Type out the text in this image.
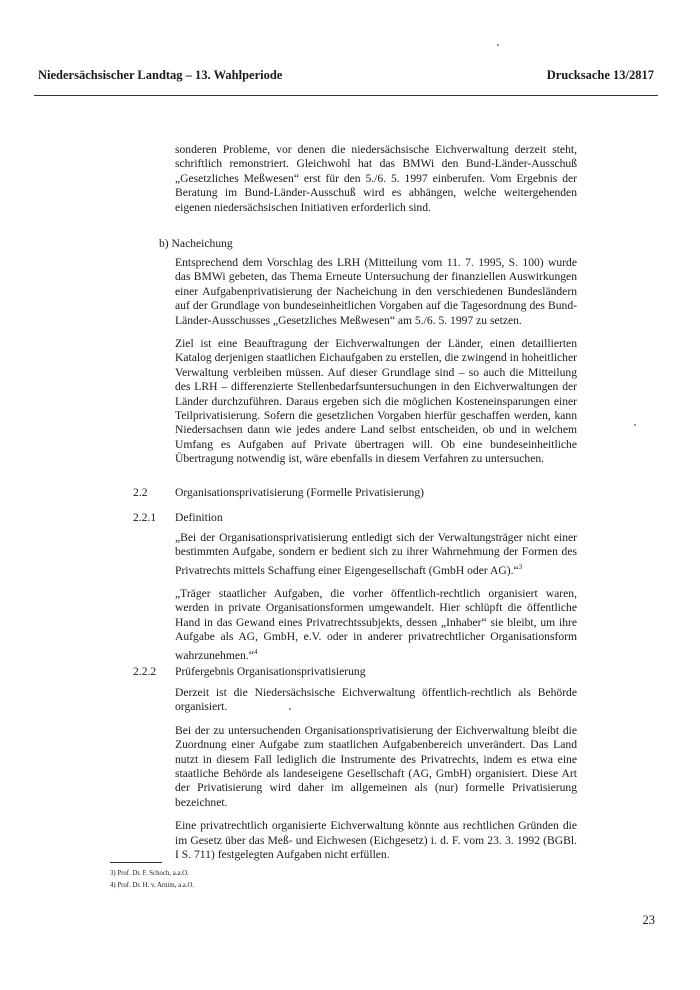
Niedersächsischer Landtag – 13. Wahlperiode	Drucksache 13/2817

sonderen Probleme, vor denen die niedersächsische Eichverwaltung derzeit steht, schriftlich remonstriert. Gleichwohl hat das BMWi den Bund-Länder-Ausschuß „Gesetzliches Meßwesen“ erst für den 5./6. 5. 1997 einberufen. Vom Ergebnis der Beratung im Bund-Länder-Ausschuß wird es abhängen, welche weitergehenden eigenen niedersächsischen Initiativen erforderlich sind.

b) Nacheichung

Entsprechend dem Vorschlag des LRH (Mitteilung vom 11. 7. 1995, S. 100) wurde das BMWi gebeten, das Thema Erneute Untersuchung der finanziellen Auswirkungen einer Aufgabenprivatisierung der Nacheichung in den verschiedenen Bundesländern auf der Grundlage von bundeseinheitlichen Vorgaben auf die Tagesordnung des Bund-Länder-Ausschusses „Gesetzliches Meßwesen“ am 5./6. 5. 1997 zu setzen.

Ziel ist eine Beauftragung der Eichverwaltungen der Länder, einen detaillierten Katalog derjenigen staatlichen Eichaufgaben zu erstellen, die zwingend in hoheitlicher Verwaltung verbleiben müssen. Auf dieser Grundlage sind – so auch die Mitteilung des LRH – differenzierte Stellenbedarfsuntersuchungen in den Eichverwaltungen der Länder durchzuführen. Daraus ergeben sich die möglichen Kosteneinsparungen einer Teilprivatisierung. Sofern die gesetzlichen Vorgaben hierfür geschaffen werden, kann Niedersachsen dann wie jedes andere Land selbst entscheiden, ob und in welchem Umfang es Aufgaben auf Private übertragen will. Ob eine bundeseinheitliche Übertragung notwendig ist, wäre ebenfalls in diesem Verfahren zu untersuchen.

2.2 Organisationsprivatisierung (Formelle Privatisierung)
2.2.1 Definition

„Bei der Organisationsprivatisierung entledigt sich der Verwaltungsträger nicht einer bestimmten Aufgabe, sondern er bedient sich zu ihrer Wahrnehmung der Formen des Privatrechts mittels Schaffung einer Eigengesellschaft (GmbH oder AG).“$^3$

„Träger staatlicher Aufgaben, die vorher öffentlich-rechtlich organisiert waren, werden in private Organisationsformen umgewandelt. Hier schlüpft die öffentliche Hand in das Gewand eines Privatrechtssubjekts, dessen „Inhaber“ sie bleibt, um ihre Aufgabe als AG, GmbH, e.V. oder in anderer privatrechtlicher Organisationsform wahrzunehmen.“$^4$

2.2.2 Prüfergebnis Organisationsprivatisierung

Derzeit ist die Niedersächsische Eichverwaltung öffentlich-rechtlich als Behörde organisiert.

Bei der zu untersuchenden Organisationsprivatisierung der Eichverwaltung bleibt die Zuordnung einer Aufgabe zum staatlichen Aufgabenbereich unverändert. Das Land nutzt in diesem Fall lediglich die Instrumente des Privatrechts, indem es etwa eine staatliche Behörde als landeseigene Gesellschaft (AG, GmbH) organisiert. Diese Art der Privatisierung wird daher im allgemeinen als (nur) formelle Privatisierung bezeichnet.

Eine privatrechtlich organisierte Eichverwaltung könnte aus rechtlichen Gründen die im Gesetz über das Meß- und Eichwesen (Eichgesetz) i. d. F. vom 23. 3. 1992 (BGBl. I S. 711) festgelegten Aufgaben nicht erfüllen.

3) Prof. Dr. F. Schoch, a.a.O.
4) Prof. Dr. H. v. Arnim, a.a.O.
23
